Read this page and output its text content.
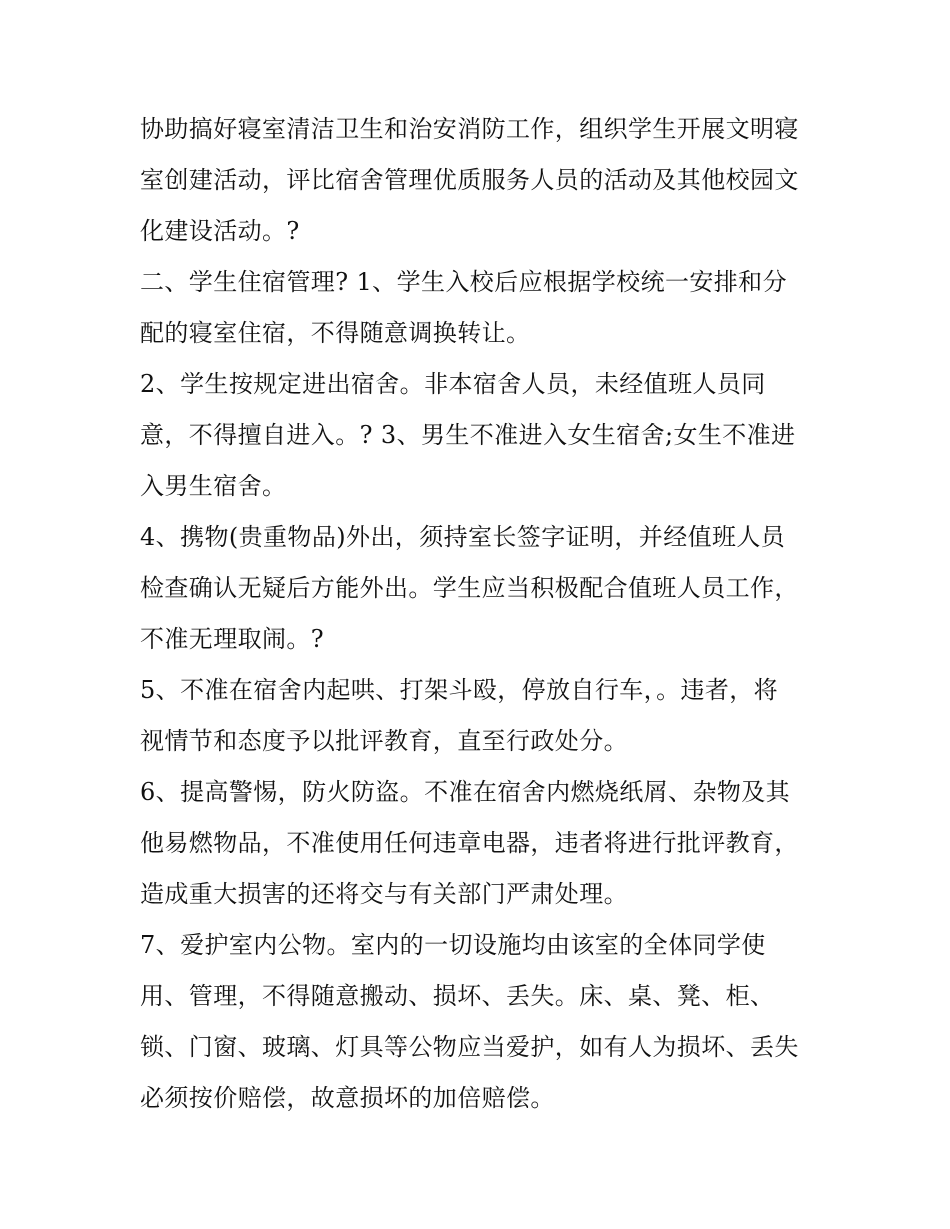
协助搞好寝室清洁卫生和治安消防工作，组织学生开展文明寝
室创建活动，评比宿舍管理优质服务人员的活动及其他校园文
化建设活动。?
二、学生住宿管理? 1、学生入校后应根据学校统一安排和分
配的寝室住宿，不得随意调换转让。
2、学生按规定进出宿舍。非本宿舍人员，未经值班人员同
意，不得擅自进入。? 3、男生不准进入女生宿舍;女生不准进
入男生宿舍。
4、携物(贵重物品)外出，须持室长签字证明，并经值班人员
检查确认无疑后方能外出。学生应当积极配合值班人员工作，
不准无理取闹。?
5、不准在宿舍内起哄、打架斗殴，停放自行车，。违者，将
视情节和态度予以批评教育，直至行政处分。
6、提高警惕，防火防盗。不准在宿舍内燃烧纸屑、杂物及其
他易燃物品，不准使用任何违章电器，违者将进行批评教育，
造成重大损害的还将交与有关部门严肃处理。
7、爱护室内公物。室内的一切设施均由该室的全体同学使
用、管理，不得随意搬动、损坏、丢失。床、桌、凳、柜、
锁、门窗、玻璃、灯具等公物应当爱护，如有人为损坏、丢失
必须按价赔偿，故意损坏的加倍赔偿。
